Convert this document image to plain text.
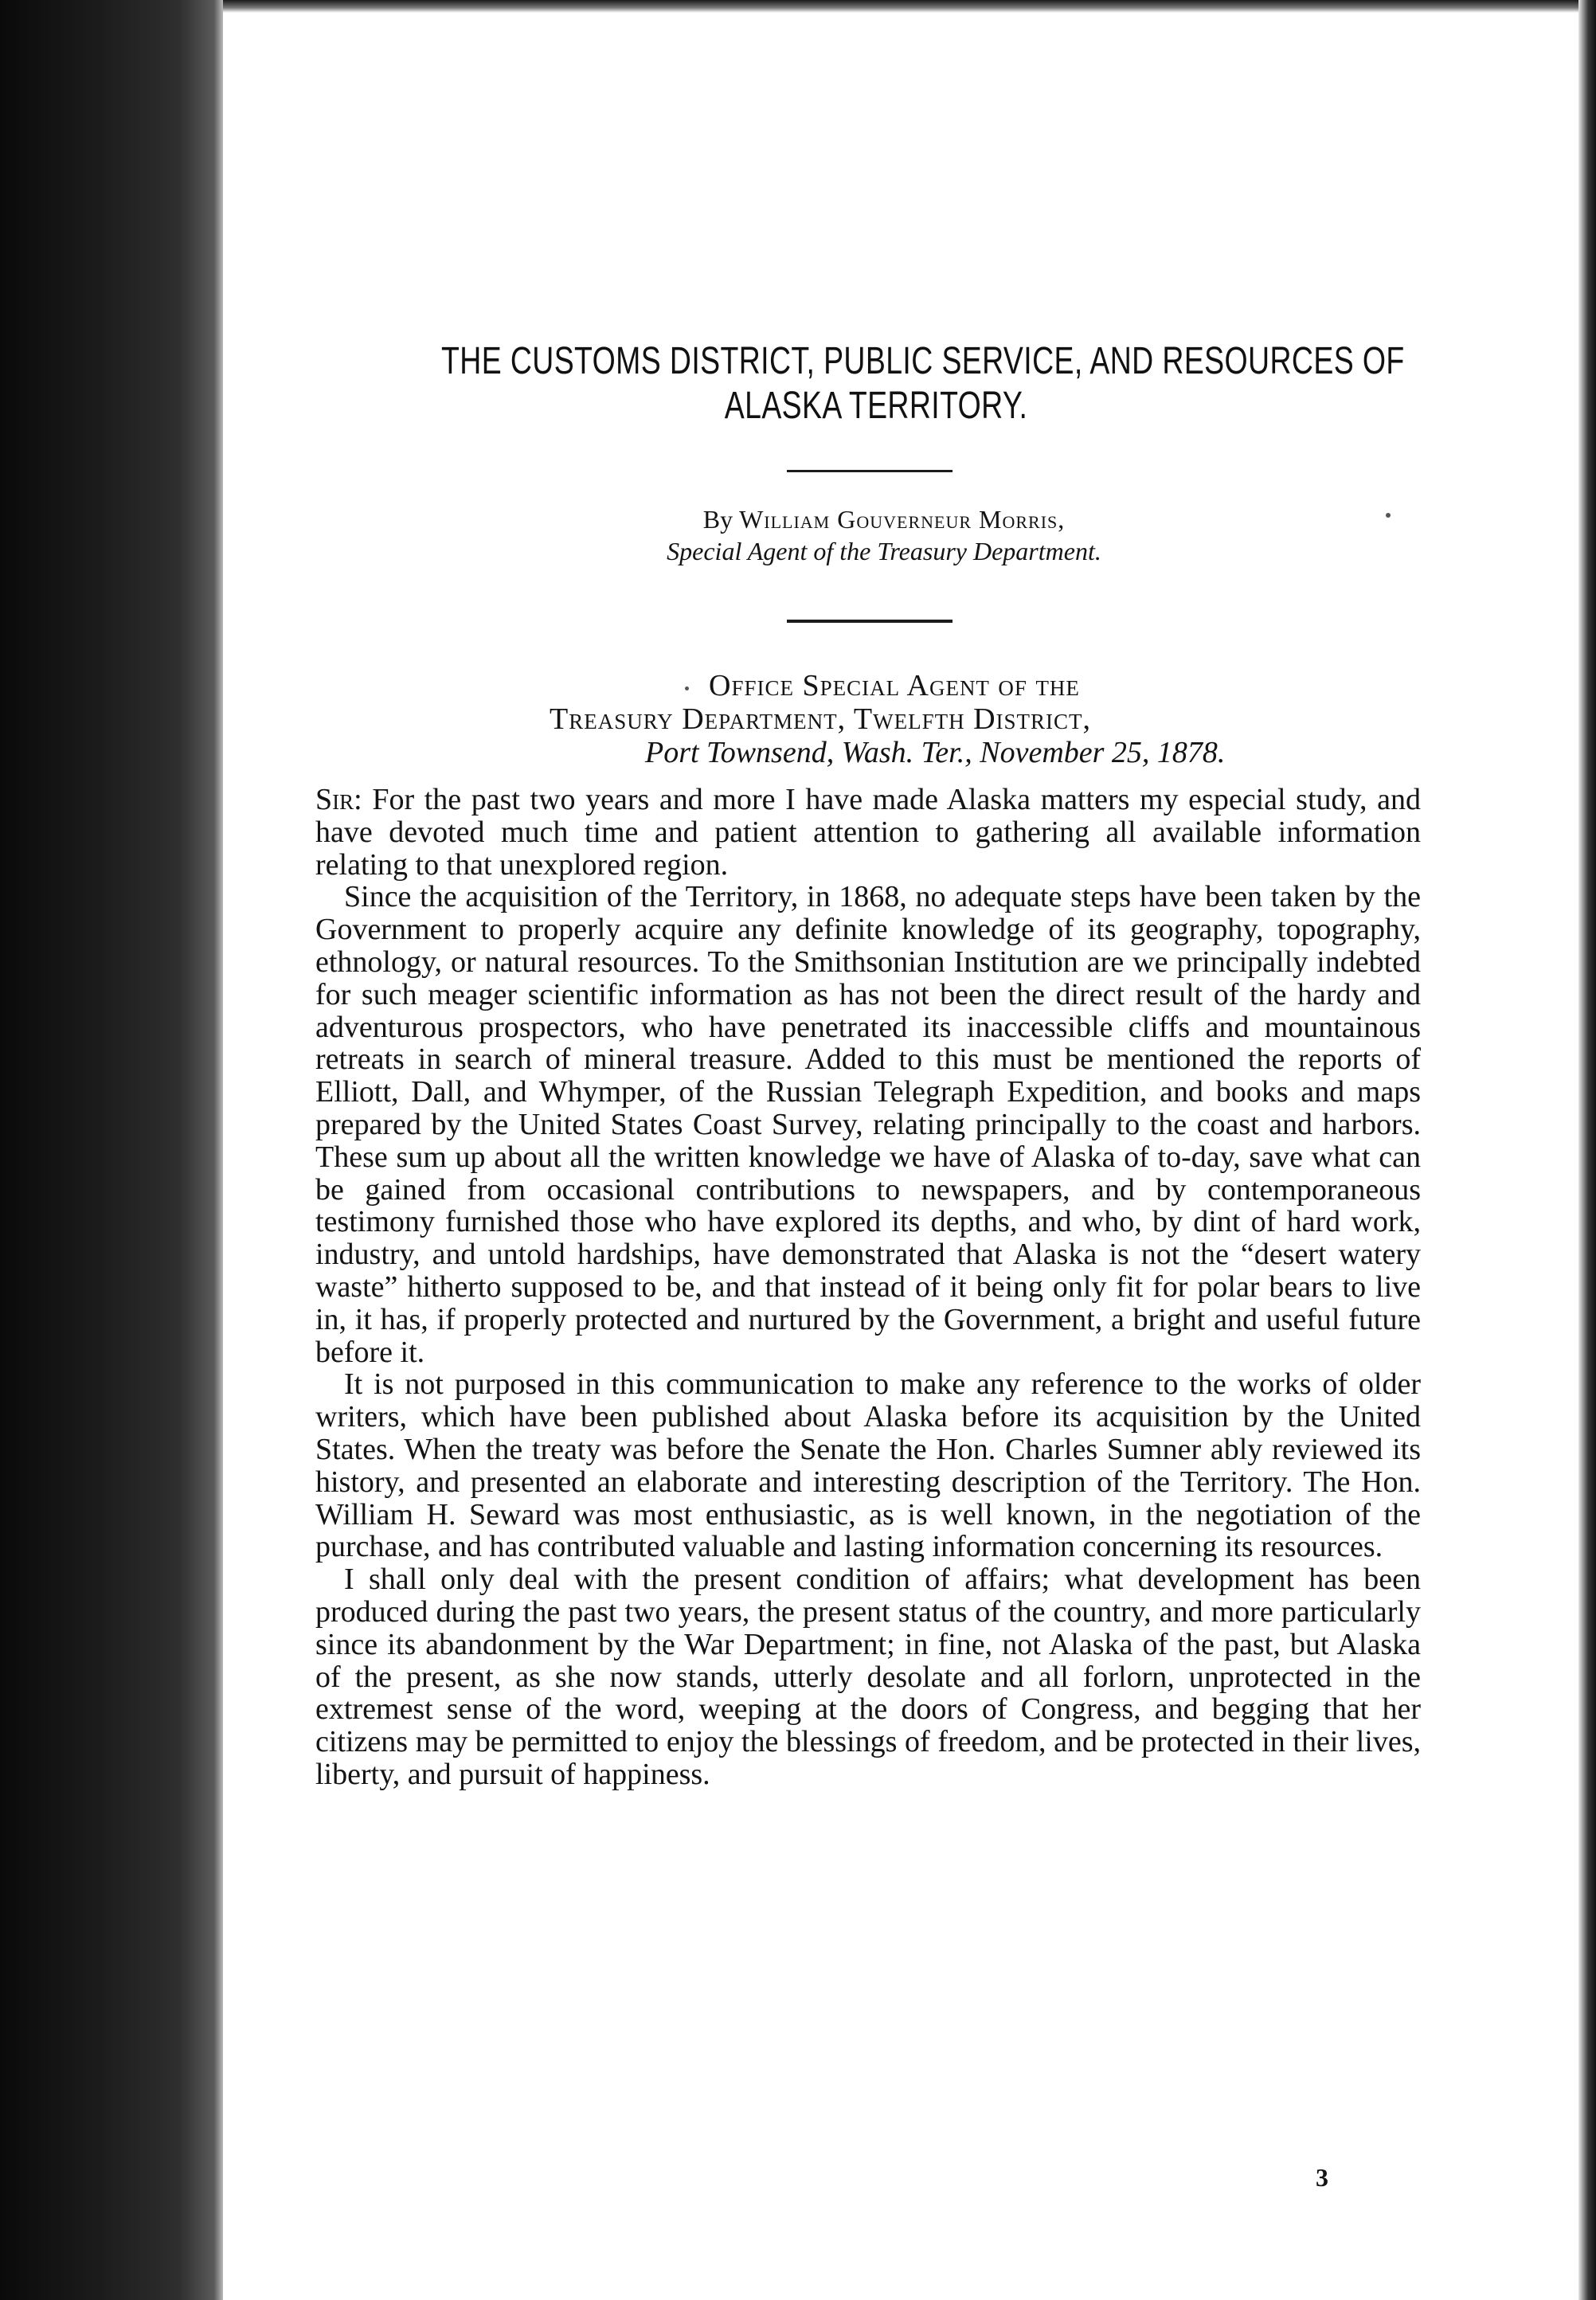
THE CUSTOMS DISTRICT, PUBLIC SERVICE, AND RESOURCES OF
ALASKA TERRITORY.
By William Gouverneur Morris,
Special Agent of the Treasury Department.
Office Special Agent of the
Treasury Department, Twelfth District,
Port Townsend, Wash. Ter., November 25, 1878.

Sir: For the past two years and more I have made Alaska matters my especial study, and have devoted much time and patient attention to gathering all available information relating to that unexplored region.

Since the acquisition of the Territory, in 1868, no adequate steps have been taken by the Government to properly acquire any definite knowledge of its geography, topography, ethnology, or natural resources. To the Smithsonian Institution are we principally indebted for such meager scientific information as has not been the direct result of the hardy and adventurous prospectors, who have penetrated its inaccessible cliffs and mountainous retreats in search of mineral treasure. Added to this must be mentioned the reports of Elliott, Dall, and Whymper, of the Russian Telegraph Expedition, and books and maps prepared by the United States Coast Survey, relating principally to the coast and harbors. These sum up about all the written knowledge we have of Alaska of to-day, save what can be gained from occasional contributions to newspapers, and by contemporaneous testimony furnished those who have explored its depths, and who, by dint of hard work, industry, and untold hardships, have demonstrated that Alaska is not the “desert watery waste” hitherto supposed to be, and that instead of it being only fit for polar bears to live in, it has, if properly protected and nurtured by the Government, a bright and useful future before it.

It is not purposed in this communication to make any reference to the works of older writers, which have been published about Alaska before its acquisition by the United States. When the treaty was before the Senate the Hon. Charles Sumner ably reviewed its history, and presented an elaborate and interesting description of the Territory. The Hon. William H. Seward was most enthusiastic, as is well known, in the negotiation of the purchase, and has contributed valuable and lasting information concerning its resources.

I shall only deal with the present condition of affairs; what development has been produced during the past two years, the present status of the country, and more particularly since its abandonment by the War Department; in fine, not Alaska of the past, but Alaska of the present, as she now stands, utterly desolate and all forlorn, unprotected in the extremest sense of the word, weeping at the doors of Congress, and begging that her citizens may be permitted to enjoy the blessings of freedom, and be protected in their lives, liberty, and pursuit of happiness.

3
